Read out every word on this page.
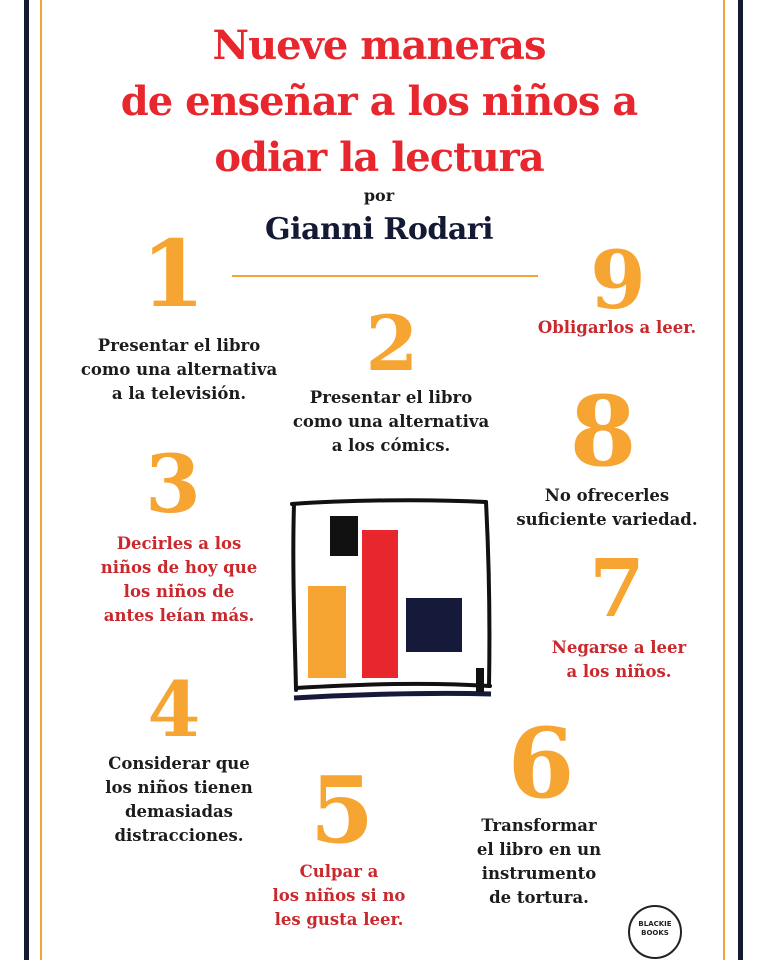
Nueve maneras
de enseñar a los niños a
odiar la lectura
por
Gianni Rodari
1
Presentar el libro
como una alternativa
a la televisión.
2
Presentar el libro
como una alternativa
a los cómics.
3
Decirles a los
niños de hoy que
los niños de
antes leían más.
4
Considerar que
los niños tienen
demasiadas
distracciones. 5
Culpar a
los niños si no
les gusta leer.
6
Transformar
el libro en un
instrumento
de tortura.
7
Negarse a leer
a los niños.
8
No ofrecerles
suficiente variedad.
9
Obligarlos a leer.
BLACKIE
BOOKS
